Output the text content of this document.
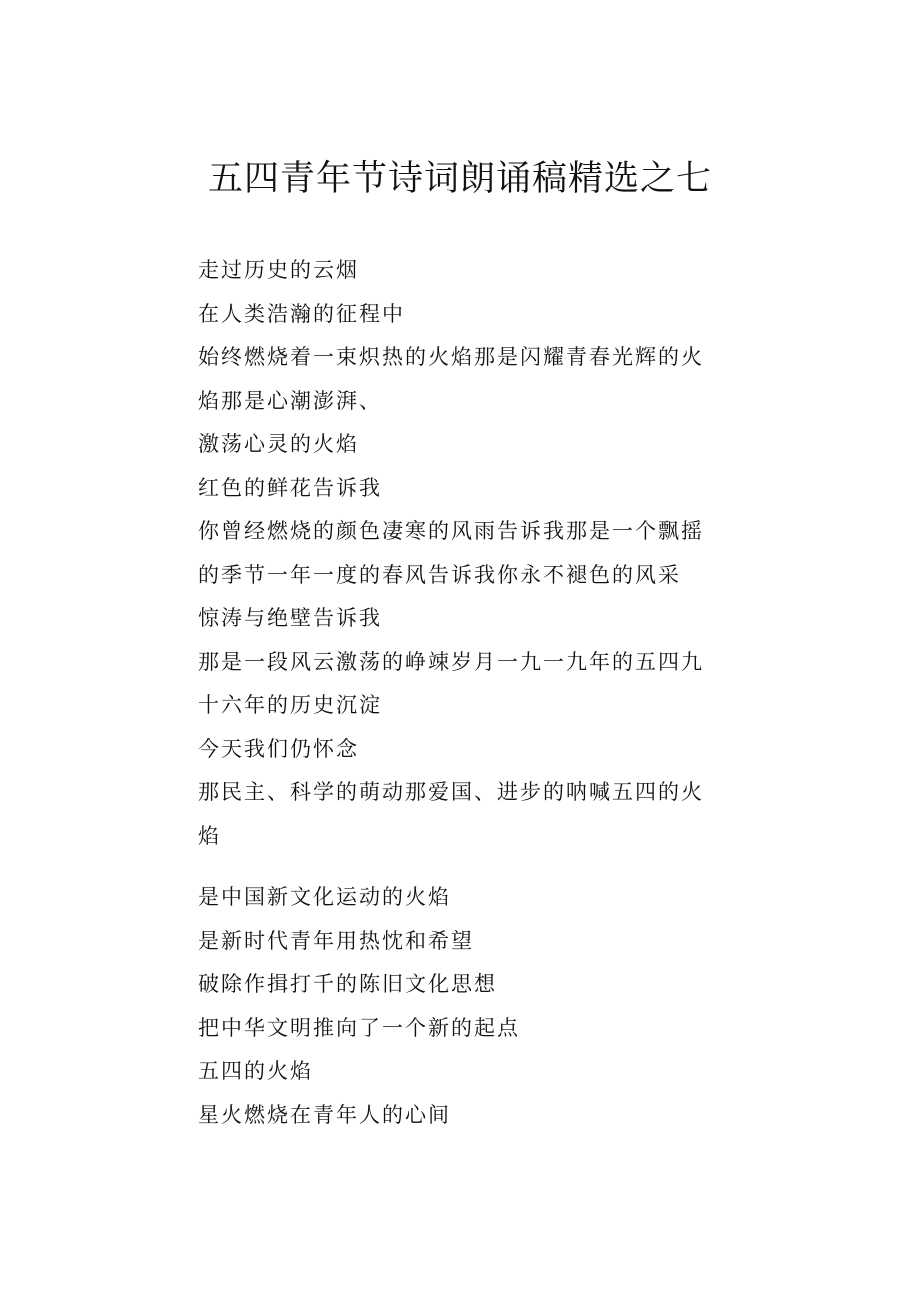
五四青年节诗词朗诵稿精选之七
走过历史的云烟
在人类浩瀚的征程中
始终燃烧着一束炽热的火焰那是闪耀青春光辉的火
焰那是心潮澎湃、
激荡心灵的火焰
红色的鲜花告诉我
你曾经燃烧的颜色凄寒的风雨告诉我那是一个飘摇
的季节一年一度的春风告诉我你永不褪色的风采
惊涛与绝壁告诉我
那是一段风云激荡的峥竦岁月一九一九年的五四九
十六年的历史沉淀
今天我们仍怀念
那民主、科学的萌动那爱国、进步的呐喊五四的火
焰
是中国新文化运动的火焰
是新时代青年用热忱和希望
破除作揖打千的陈旧文化思想
把中华文明推向了一个新的起点
五四的火焰
星火燃烧在青年人的心间
